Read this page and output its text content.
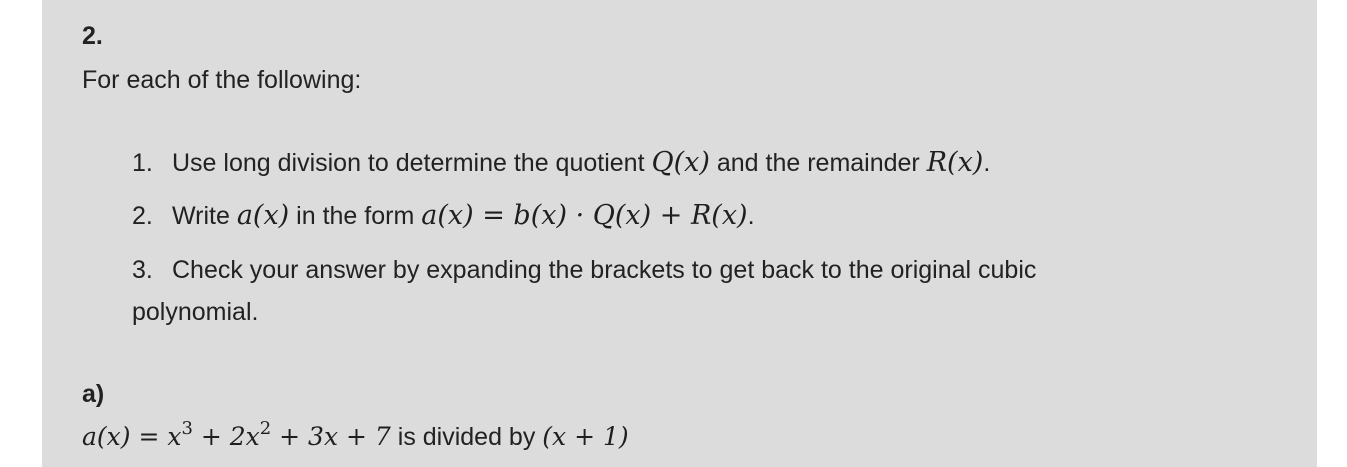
2.
For each of the following:
1. Use long division to determine the quotient Q(x) and the remainder R(x).
2. Write a(x) in the form a(x) = b(x) · Q(x) + R(x).
3. Check your answer by expanding the brackets to get back to the original cubic
polynomial.
a)
$a(x) = x^3 + 2x^2 + 3x + 7$ is divided by (x + 1)
